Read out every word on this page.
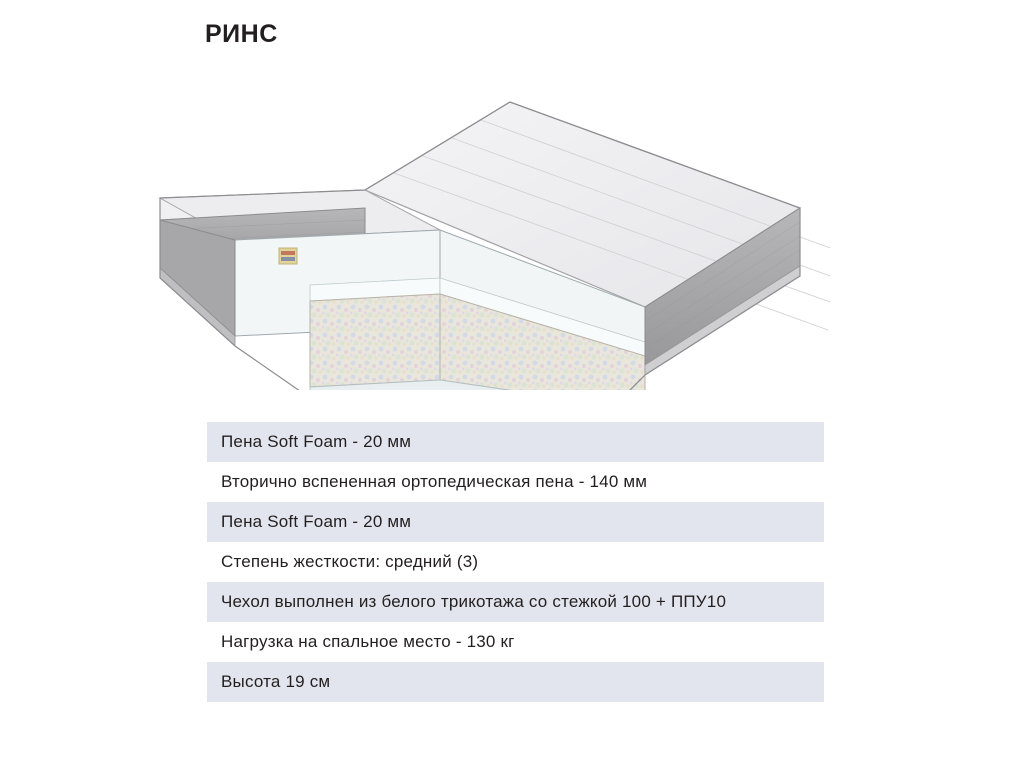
РИНС
Пена Soft Foam - 20 мм
Вторично вспененная ортопедическая пена - 140 мм
Пена Soft Foam - 20 мм
Степень жесткости: средний (3)
Чехол выполнен из белого трикотажа со стежкой 100 + ППУ10
Нагрузка на спальное место - 130 кг
Высота 19 см
